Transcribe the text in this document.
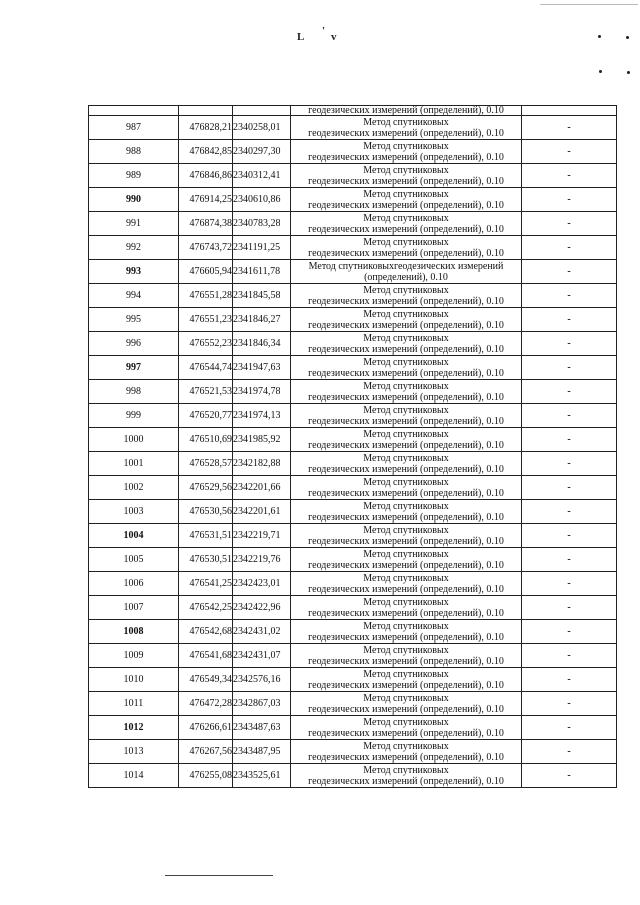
L ' v
			геодезических измерений (определений), 0.10	
987	476828,21	2340258,01	Метод спутниковых
геодезических измерений (определений), 0.10	-
988	476842,85	2340297,30	Метод спутниковых
геодезических измерений (определений), 0.10	-
989	476846,86	2340312,41	Метод спутниковых
геодезических измерений (определений), 0.10	-
990	476914,25	2340610,86	Метод спутниковых
геодезических измерений (определений), 0.10	-
991	476874,38	2340783,28	Метод спутниковых
геодезических измерений (определений), 0.10	-
992	476743,72	2341191,25	Метод спутниковых
геодезических измерений (определений), 0.10	-
993	476605,94	2341611,78	Метод спутниковыхгеодезических измерений
(определений), 0.10	-
994	476551,28	2341845,58	Метод спутниковых
геодезических измерений (определений), 0.10	-
995	476551,23	2341846,27	Метод спутниковых
геодезических измерений (определений), 0.10	-
996	476552,23	2341846,34	Метод спутниковых
геодезических измерений (определений), 0.10	-
997	476544,74	2341947,63	Метод спутниковых
геодезических измерений (определений), 0.10	-
998	476521,53	2341974,78	Метод спутниковых
геодезических измерений (определений), 0.10	-
999	476520,77	2341974,13	Метод спутниковых
геодезических измерений (определений), 0.10	-
1000	476510,69	2341985,92	Метод спутниковых
геодезических измерений (определений), 0.10	-
1001	476528,57	2342182,88	Метод спутниковых
геодезических измерений (определений), 0.10	-
1002	476529,56	2342201,66	Метод спутниковых
геодезических измерений (определений), 0.10	-
1003	476530,56	2342201,61	Метод спутниковых
геодезических измерений (определений), 0.10	-
1004	476531,51	2342219,71	Метод спутниковых
геодезических измерений (определений), 0.10	-
1005	476530,51	2342219,76	Метод спутниковых
геодезических измерений (определений), 0.10	-
1006	476541,25	2342423,01	Метод спутниковых
геодезических измерений (определений), 0.10	-
1007	476542,25	2342422,96	Метод спутниковых
геодезических измерений (определений), 0.10	-
1008	476542,68	2342431,02	Метод спутниковых
геодезических измерений (определений), 0.10	-
1009	476541,68	2342431,07	Метод спутниковых
геодезических измерений (определений), 0.10	-
1010	476549,34	2342576,16	Метод спутниковых
геодезических измерений (определений), 0.10	-
1011	476472,28	2342867,03	Метод спутниковых
геодезических измерений (определений), 0.10	-
1012	476266,61	2343487,63	Метод спутниковых
геодезических измерений (определений), 0.10	-
1013	476267,56	2343487,95	Метод спутниковых
геодезических измерений (определений), 0.10	-
1014	476255,08	2343525,61	Метод спутниковых
геодезических измерений (определений), 0.10	-
